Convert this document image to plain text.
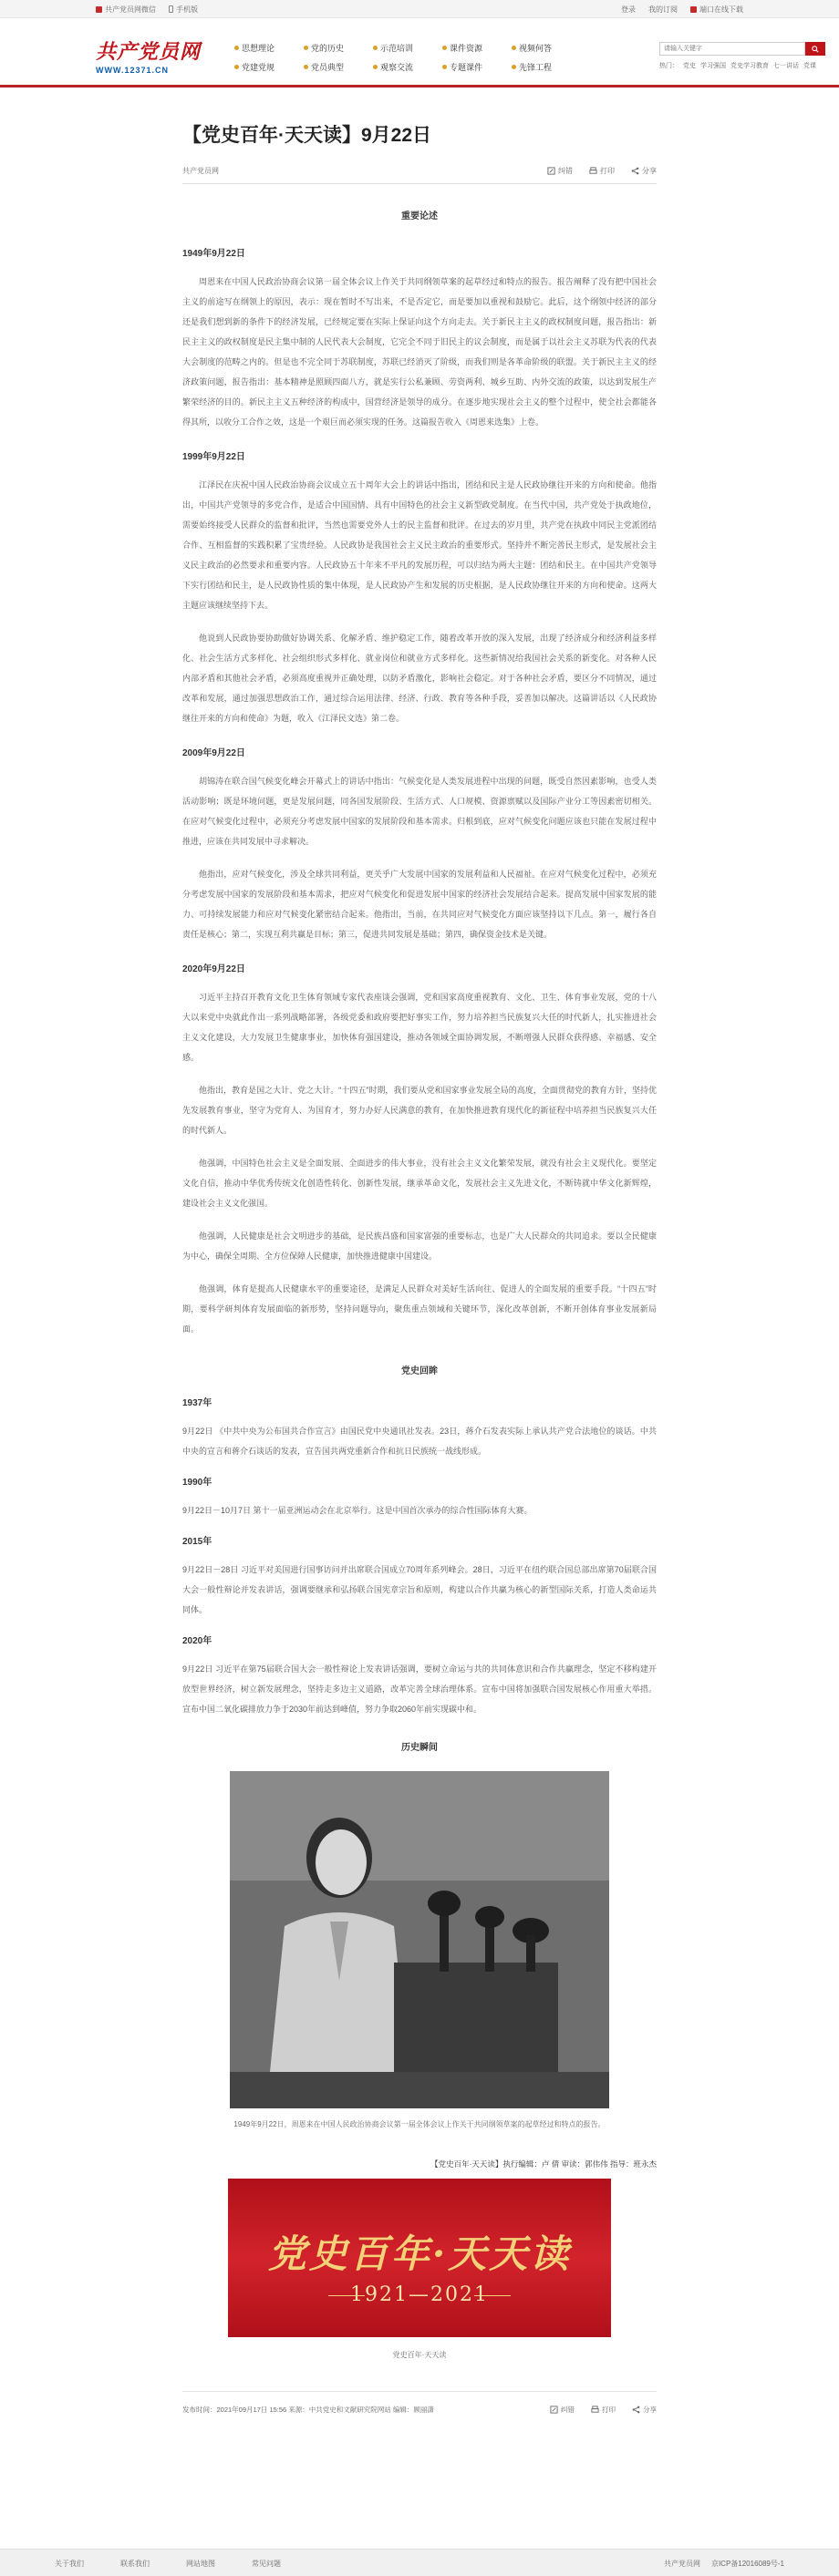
共产党员网微信	手机版	登录 我的订阅	端口在线下载
共产党员网
WWW.12371.CN
思想理论	党的历史	示范培训	课件资源	视频何答
党建党规	党员典型	观察交流	专题课件	先锋工程
请输入关键字	热门： 党史 学习强国 党史学习教育 七一讲话 党课
【党史百年·天天读】9月22日
共产党员网	纠错	打印	分享
重要论述
1949年9月22日

周恩来在中国人民政治协商会议第一届全体会议上作关于共同纲领草案的起草经过和特点的报告。报告阐释了没有把中国社会主义的前途写在纲领上的原因，表示：现在暂时不写出来，不是否定它，而是要加以重视和鼓励它。此后，这个纲领中经济的部分还是我们想到新的条件下的经济发展，已经规定要在实际上保证向这个方向走去。关于新民主主义的政权制度问题，报告指出：新民主主义的政权制度是民主集中制的人民代表大会制度，它完全不同于旧民主的议会制度，而是属于以社会主义苏联为代表的代表大会制度的范畴之内的。但是也不完全同于苏联制度，苏联已经消灭了阶级，而我们则是各革命阶级的联盟。关于新民主主义的经济政策问题，报告指出：基本精神是照顾四面八方，就是实行公私兼顾、劳资两利、城乡互助、内外交流的政策，以达到发展生产繁荣经济的目的。新民主主义五种经济的构成中，国营经济是领导的成分。在逐步地实现社会主义的整个过程中，使全社会都能各得其所，以收分工合作之效，这是一个艰巨而必须实现的任务。这篇报告收入《周恩来选集》上卷。

1999年9月22日

江泽民在庆祝中国人民政治协商会议成立五十周年大会上的讲话中指出，团结和民主是人民政协继往开来的方向和使命。他指出，中国共产党领导的多党合作，是适合中国国情、具有中国特色的社会主义新型政党制度。在当代中国，共产党处于执政地位，需要始终接受人民群众的监督和批评，当然也需要党外人士的民主监督和批评。在过去的岁月里，共产党在执政中同民主党派团结合作、互相监督的实践积累了宝贵经验。人民政协是我国社会主义民主政治的重要形式。坚持并不断完善民主形式，是发展社会主义民主政治的必然要求和重要内容。人民政协五十年来不平凡的发展历程，可以归结为两大主题：团结和民主。在中国共产党领导下实行团结和民主，是人民政协性质的集中体现，是人民政协产生和发展的历史根据，是人民政协继往开来的方向和使命。这两大主题应该继续坚持下去。

他说到人民政协要协助做好协调关系、化解矛盾、维护稳定工作，随着改革开放的深入发展，出现了经济成分和经济利益多样化、社会生活方式多样化、社会组织形式多样化、就业岗位和就业方式多样化。这些新情况给我国社会关系的新变化。对各种人民内部矛盾和其他社会矛盾，必须高度重视并正确处理，以防矛盾激化，影响社会稳定。对于各种社会矛盾，要区分不同情况，通过改革和发展，通过加强思想政治工作，通过综合运用法律、经济、行政、教育等各种手段，妥善加以解决。这篇讲话以《人民政协继往开来的方向和使命》为题，收入《江泽民文选》第二卷。

2009年9月22日

胡锦涛在联合国气候变化峰会开幕式上的讲话中指出：气候变化是人类发展进程中出现的问题，既受自然因素影响，也受人类活动影响；既是环境问题，更是发展问题，同各国发展阶段、生活方式、人口规模、资源禀赋以及国际产业分工等因素密切相关。在应对气候变化过程中，必须充分考虑发展中国家的发展阶段和基本需求。归根到底，应对气候变化问题应该也只能在发展过程中推进，应该在共同发展中寻求解决。

他指出，应对气候变化，涉及全球共同利益，更关乎广大发展中国家的发展利益和人民福祉。在应对气候变化过程中，必须充分考虑发展中国家的发展阶段和基本需求，把应对气候变化和促进发展中国家的经济社会发展结合起来。提高发展中国家发展的能力、可持续发展能力和应对气候变化紧密结合起来。他指出，当前，在共同应对气候变化方面应该坚持以下几点。第一，履行各自责任是核心；第二，实现互利共赢是目标；第三，促进共同发展是基础；第四，确保资金技术是关键。

2020年9月22日

习近平主持召开教育文化卫生体育领域专家代表座谈会强调，党和国家高度重视教育、文化、卫生、体育事业发展，党的十八大以来党中央就此作出一系列战略部署，各级党委和政府要把好事实工作，努力培养担当民族复兴大任的时代新人，扎实推进社会主义文化建设，大力发展卫生健康事业，加快体育强国建设，推动各领域全面协调发展，不断增强人民群众获得感、幸福感、安全感。

他指出，教育是国之大计、党之大计。“十四五”时期，我们要从党和国家事业发展全局的高度，全面贯彻党的教育方针，坚持优先发展教育事业，坚守为党育人、为国育才，努力办好人民满意的教育，在加快推进教育现代化的新征程中培养担当民族复兴大任的时代新人。

他强调，中国特色社会主义是全面发展、全面进步的伟大事业，没有社会主义文化繁荣发展，就没有社会主义现代化。要坚定文化自信，推动中华优秀传统文化创造性转化、创新性发展，继承革命文化，发展社会主义先进文化，不断铸就中华文化新辉煌，建设社会主义文化强国。

他强调，人民健康是社会文明进步的基础，是民族昌盛和国家富强的重要标志，也是广大人民群众的共同追求。要以全民健康为中心，确保全周期、全方位保障人民健康，加快推进健康中国建设。

他强调，体育是提高人民健康水平的重要途径，是满足人民群众对美好生活向往、促进人的全面发展的重要手段。“十四五”时期，要科学研判体育发展面临的新形势，坚持问题导向，聚焦重点领域和关键环节，深化改革创新，不断开创体育事业发展新局面。

党史回眸
1937年

9月22日 《中共中央为公布国共合作宣言》由国民党中央通讯社发表。23日，蒋介石发表实际上承认共产党合法地位的谈话。中共中央的宣言和蒋介石谈话的发表，宣告国共两党重新合作和抗日民族统一战线形成。

1990年

9月22日－10月7日 第十一届亚洲运动会在北京举行。这是中国首次承办的综合性国际体育大赛。

2015年

9月22日－28日 习近平对美国进行国事访问并出席联合国成立70周年系列峰会。28日，习近平在纽约联合国总部出席第70届联合国大会一般性辩论并发表讲话，强调要继承和弘扬联合国宪章宗旨和原则，构建以合作共赢为核心的新型国际关系，打造人类命运共同体。

2020年

9月22日 习近平在第75届联合国大会一般性辩论上发表讲话强调，要树立命运与共的共同体意识和合作共赢理念，坚定不移构建开放型世界经济，树立新发展理念，坚持走多边主义道路，改革完善全球治理体系。宣布中国将加强联合国发展核心作用重大举措。宣布中国二氧化碳排放力争于2030年前达到峰值，努力争取2060年前实现碳中和。

历史瞬间
1949年9月22日，周恩来在中国人民政治协商会议第一届全体会议上作关于共同纲领草案的起草经过和特点的报告。
【党史百年·天天读】执行编辑：卢 倩 审读：郭伟伟 指导：班永杰
党史百年·天天读
1921—2021
党史百年·天天读
发布时间：2021年09月17日 15:56 来源：中共党史和文献研究院网站 编辑：顾丽潇	纠错	打印	分享
关于我们	联系我们	网站地图	常见问题	共产党员网 京ICP备12016089号-1
